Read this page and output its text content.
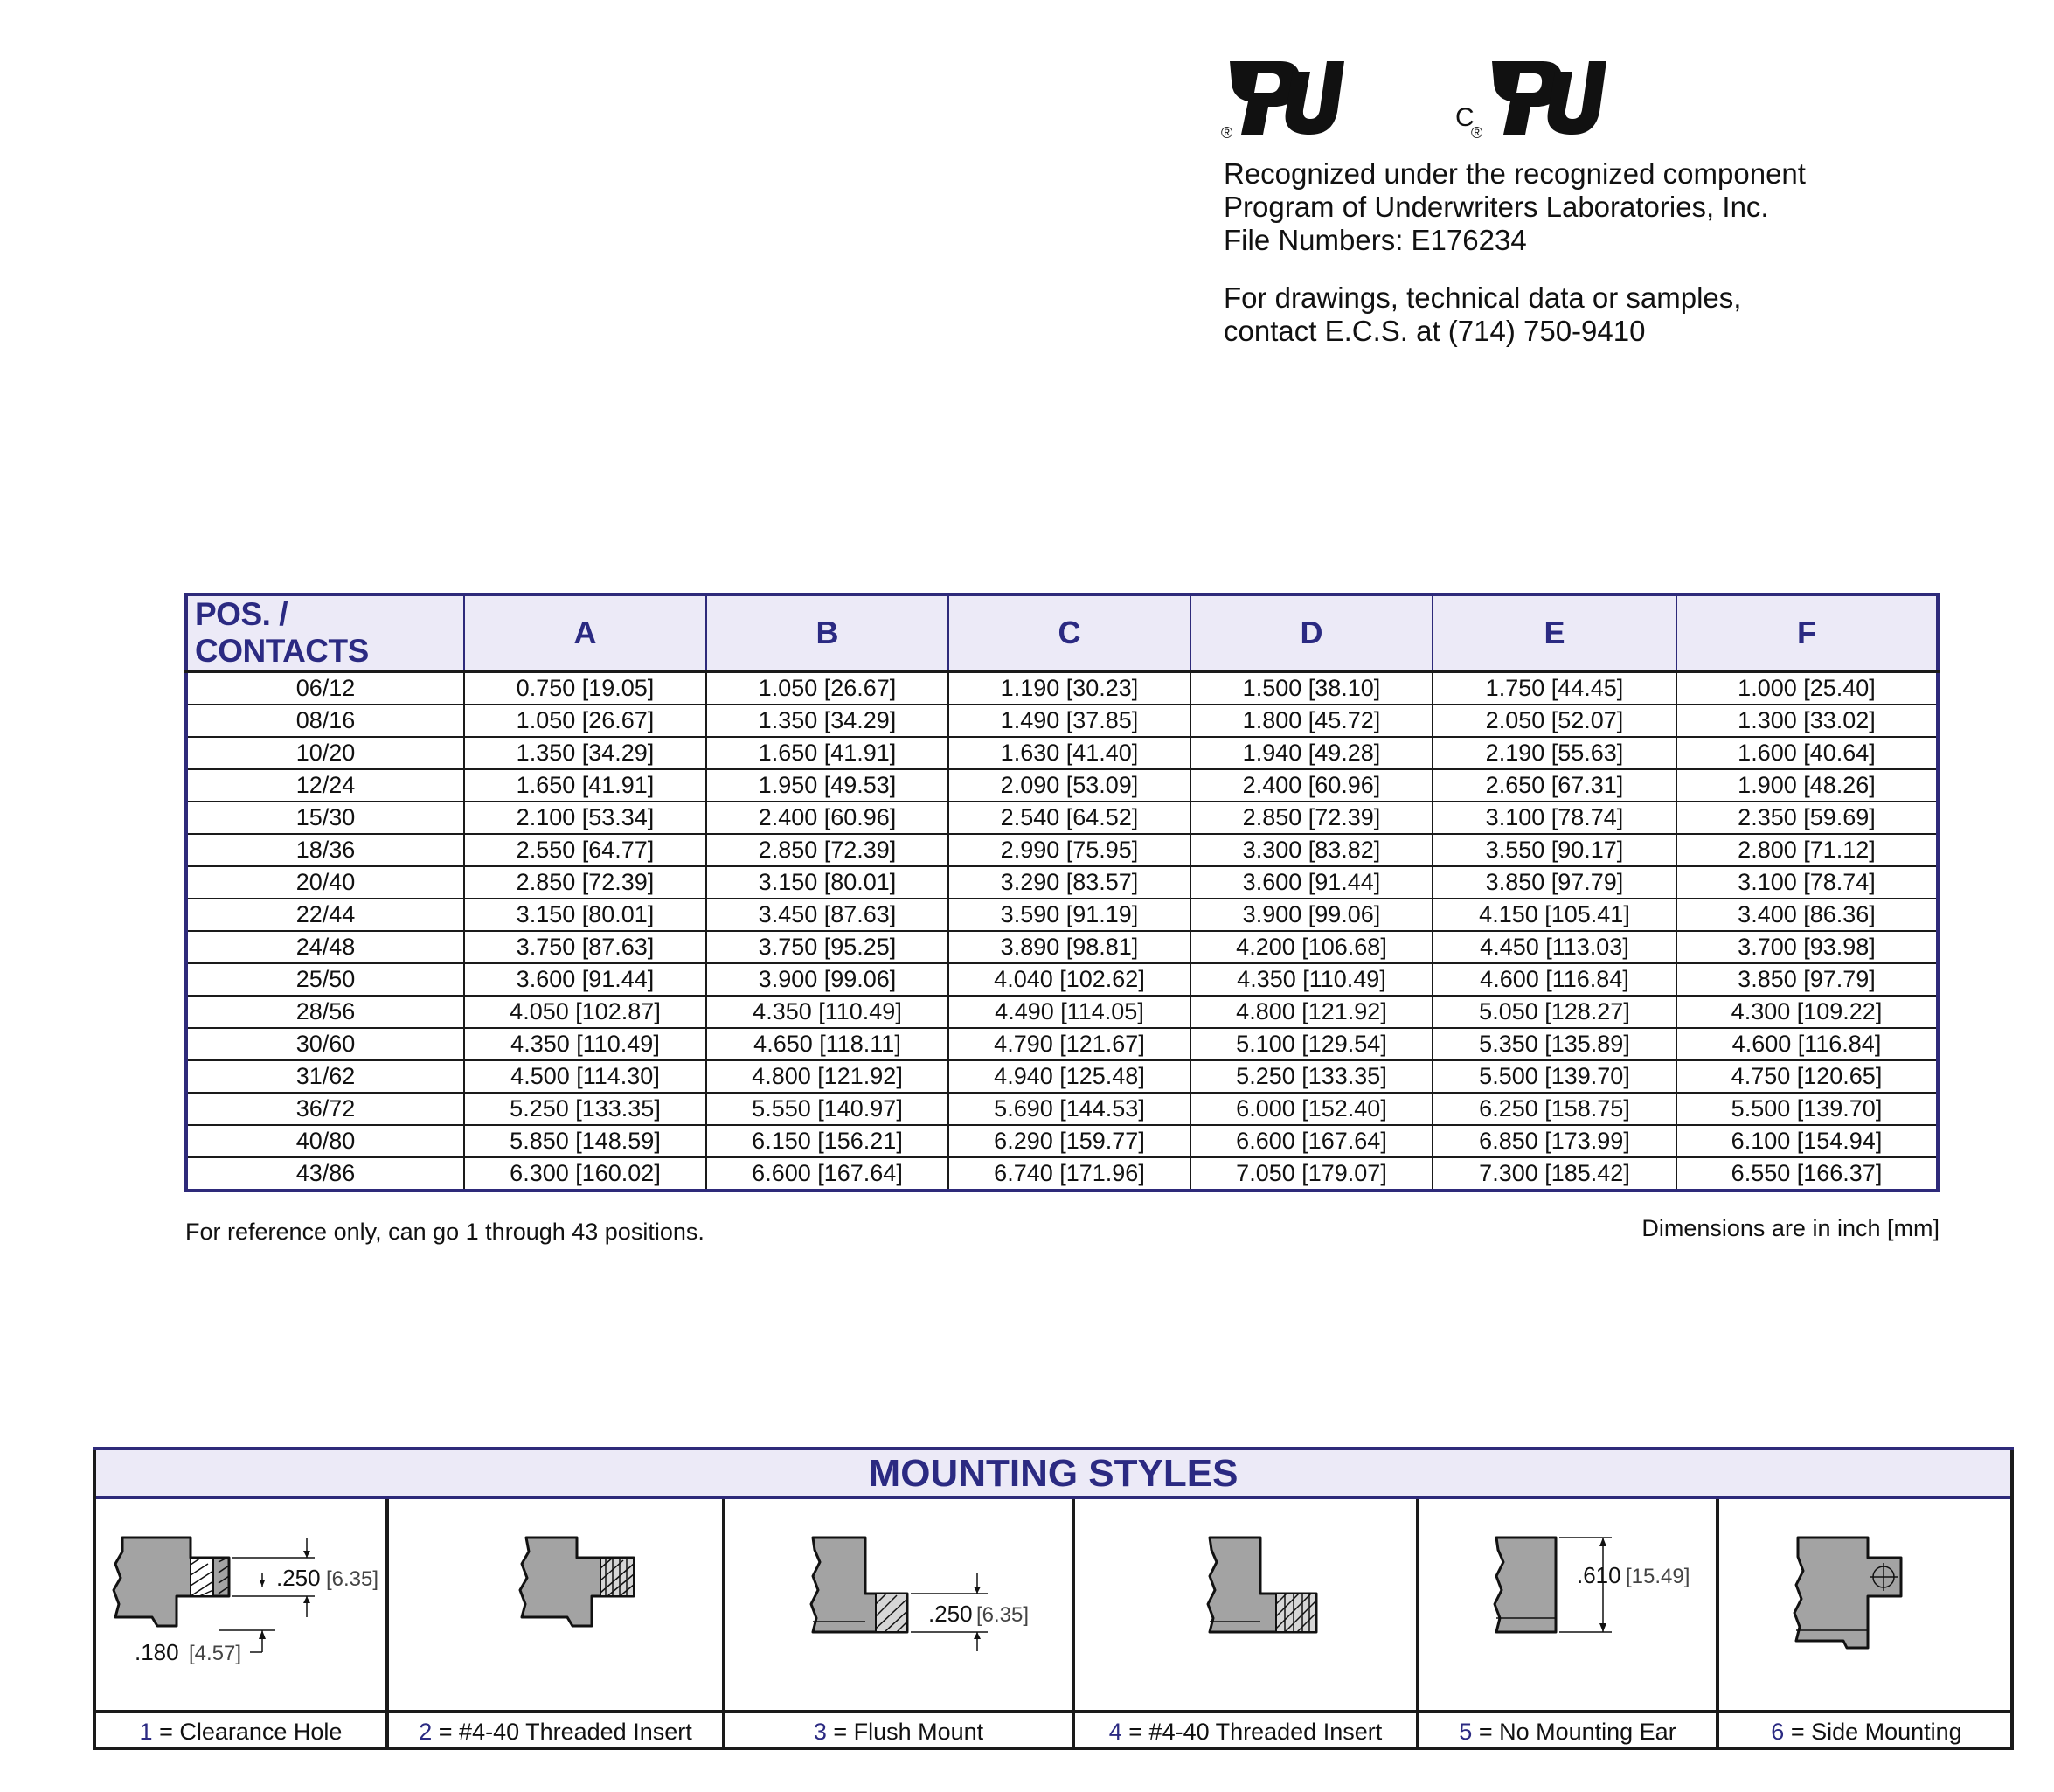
®
C
®
Recognized under the recognized component
Program of Underwriters Laboratories, Inc.
File Numbers: E176234
For drawings, technical data or samples,
contact E.C.S. at (714) 750-9410
POS. / CONTACTS	A	B	C	D	E	F
06/12	0.750 [19.05]	1.050 [26.67]	1.190 [30.23]	1.500 [38.10]	1.750 [44.45]	1.000 [25.40]
08/16	1.050 [26.67]	1.350 [34.29]	1.490 [37.85]	1.800 [45.72]	2.050 [52.07]	1.300 [33.02]
10/20	1.350 [34.29]	1.650 [41.91]	1.630 [41.40]	1.940 [49.28]	2.190 [55.63]	1.600 [40.64]
12/24	1.650 [41.91]	1.950 [49.53]	2.090 [53.09]	2.400 [60.96]	2.650 [67.31]	1.900 [48.26]
15/30	2.100 [53.34]	2.400 [60.96]	2.540 [64.52]	2.850 [72.39]	3.100 [78.74]	2.350 [59.69]
18/36	2.550 [64.77]	2.850 [72.39]	2.990 [75.95]	3.300 [83.82]	3.550 [90.17]	2.800 [71.12]
20/40	2.850 [72.39]	3.150 [80.01]	3.290 [83.57]	3.600 [91.44]	3.850 [97.79]	3.100 [78.74]
22/44	3.150 [80.01]	3.450 [87.63]	3.590 [91.19]	3.900 [99.06]	4.150 [105.41]	3.400 [86.36]
24/48	3.750 [87.63]	3.750 [95.25]	3.890 [98.81]	4.200 [106.68]	4.450 [113.03]	3.700 [93.98]
25/50	3.600 [91.44]	3.900 [99.06]	4.040 [102.62]	4.350 [110.49]	4.600 [116.84]	3.850 [97.79]
28/56	4.050 [102.87]	4.350 [110.49]	4.490 [114.05]	4.800 [121.92]	5.050 [128.27]	4.300 [109.22]
30/60	4.350 [110.49]	4.650 [118.11]	4.790 [121.67]	5.100 [129.54]	5.350 [135.89]	4.600 [116.84]
31/62	4.500 [114.30]	4.800 [121.92]	4.940 [125.48]	5.250 [133.35]	5.500 [139.70]	4.750 [120.65]
36/72	5.250 [133.35]	5.550 [140.97]	5.690 [144.53]	6.000 [152.40]	6.250 [158.75]	5.500 [139.70]
40/80	5.850 [148.59]	6.150 [156.21]	6.290 [159.77]	6.600 [167.64]	6.850 [173.99]	6.100 [154.94]
43/86	6.300 [160.02]	6.600 [167.64]	6.740 [171.96]	7.050 [179.07]	7.300 [185.42]	6.550 [166.37]
For reference only, can go 1 through 43 positions.	Dimensions are in inch [mm]
MOUNTING STYLES
.250 [6.35]
.180 [4.57]
1 = Clearance Hole	2 = #4-40 Threaded Insert
.250 [6.35]
3 = Flush Mount	4 = #4-40 Threaded Insert
.610 [15.49]
5 = No Mounting Ear	6 = Side Mounting
